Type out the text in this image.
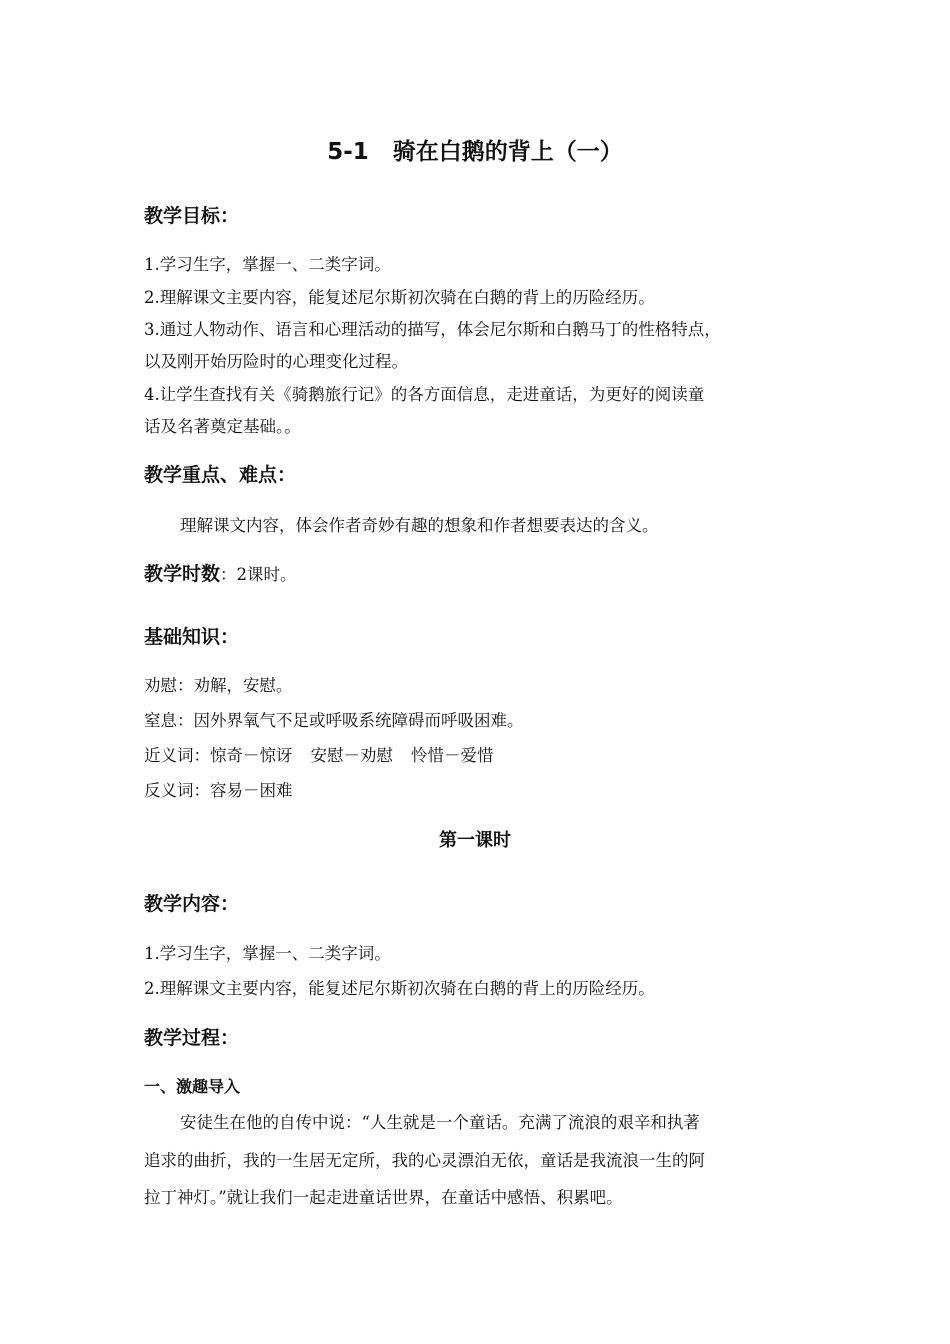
5-1 骑在白鹅的背上（一）
教学目标：
1.学习生字，掌握一、二类字词。
2.理解课文主要内容，能复述尼尔斯初次骑在白鹅的背上的历险经历。
3.通过人物动作、语言和心理活动的描写，体会尼尔斯和白鹅马丁的性格特点，
以及刚开始历险时的心理变化过程。
4.让学生查找有关《骑鹅旅行记》的各方面信息，走进童话，为更好的阅读童
话及名著奠定基础。。
教学重点、难点：
理解课文内容，体会作者奇妙有趣的想象和作者想要表达的含义。
教学时数：2课时。
基础知识：
劝慰：劝解，安慰。
窒息：因外界氧气不足或呼吸系统障碍而呼吸困难。
近义词：惊奇－惊讶 安慰－劝慰 怜惜－爱惜
反义词：容易－困难
第一课时
教学内容：
1.学习生字，掌握一、二类字词。
2.理解课文主要内容，能复述尼尔斯初次骑在白鹅的背上的历险经历。
教学过程：
一、激趣导入
安徒生在他的自传中说：“人生就是一个童话。充满了流浪的艰辛和执著
追求的曲折，我的一生居无定所，我的心灵漂泊无依，童话是我流浪一生的阿
拉丁神灯。”就让我们一起走进童话世界，在童话中感悟、积累吧。
